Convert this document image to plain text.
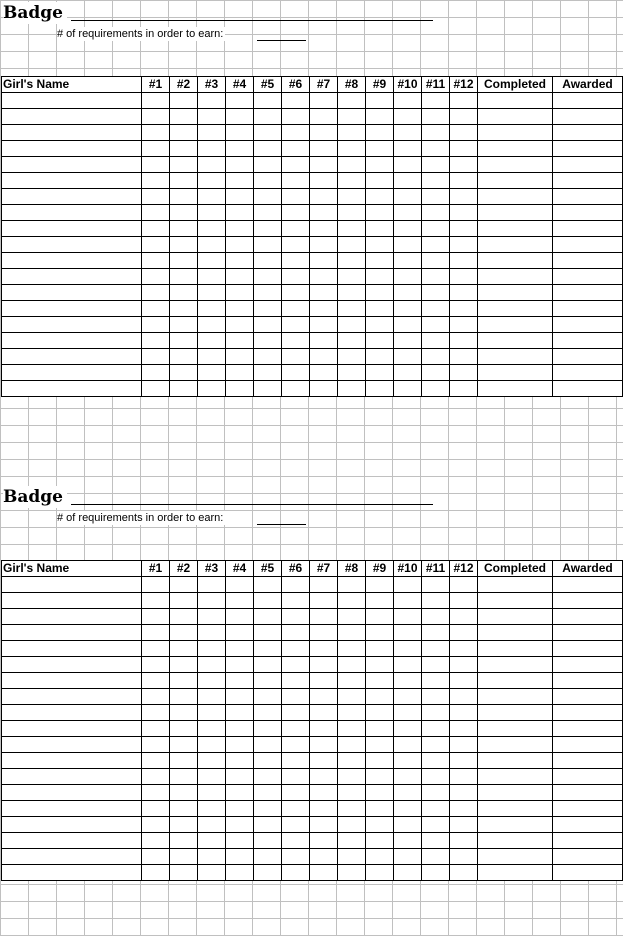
Badge
# of requirements in order to earn:
Girl's Name	#1	#2	#3	#4	#5	#6	#7	#8	#9	#10	#11	#12	Completed	Awarded

Badge
# of requirements in order to earn:
Girl's Name	#1	#2	#3	#4	#5	#6	#7	#8	#9	#10	#11	#12	Completed	Awarded
